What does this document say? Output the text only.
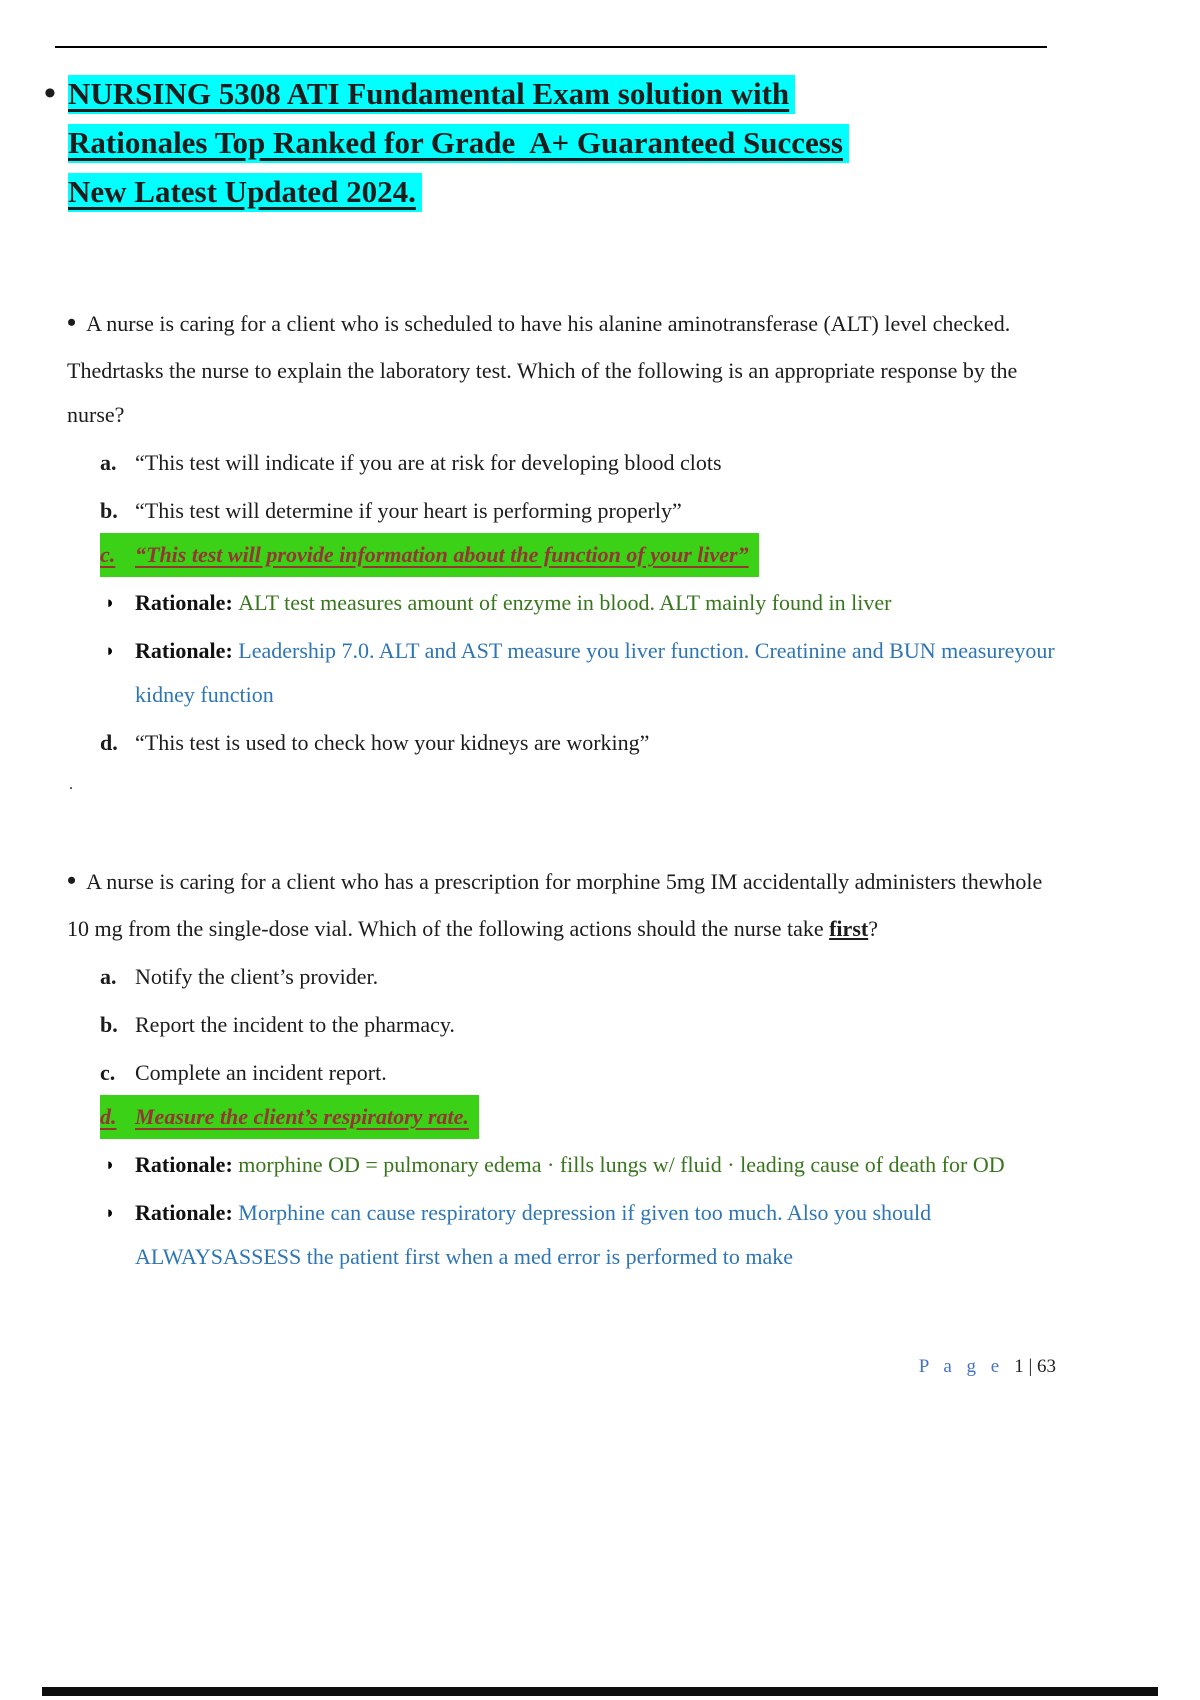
• NURSING 5308 ATI Fundamental Exam solution with
Rationales Top Ranked for Grade  A+ Guaranteed Success
New Latest Updated 2024.

• A nurse is caring for a client who is scheduled to have his alanine aminotransferase (ALT) level checked. Thedrtasks the nurse to explain the laboratory test. Which of the following is an appropriate response by the nurse?

a. “This test will indicate if you are at risk for developing blood clots
b. “This test will determine if your heart is performing properly”
c. “This test will provide information about the function of your liver”
◗ Rationale: ALT test measures amount of enzyme in blood. ALT mainly found in liver

◗ Rationale: Leadership 7.0. ALT and AST measure you liver function. Creatinine and BUN measureyour kidney function

d. “This test is used to check how your kidneys are working”
.

• A nurse is caring for a client who has a prescription for morphine 5mg IM accidentally administers thewhole 10 mg from the single-dose vial. Which of the following actions should the nurse take first?

a. Notify the client’s provider.
b. Report the incident to the pharmacy.
c. Complete an incident report.
d. Measure the client’s respiratory rate.
◗ Rationale: morphine OD = pulmonary edema · fills lungs w/ fluid · leading cause of death for OD

◗ Rationale: Morphine can cause respiratory depression if given too much. Also you should ALWAYSASSESS the patient first when a med error is performed to make

P a g e 1 | 63
